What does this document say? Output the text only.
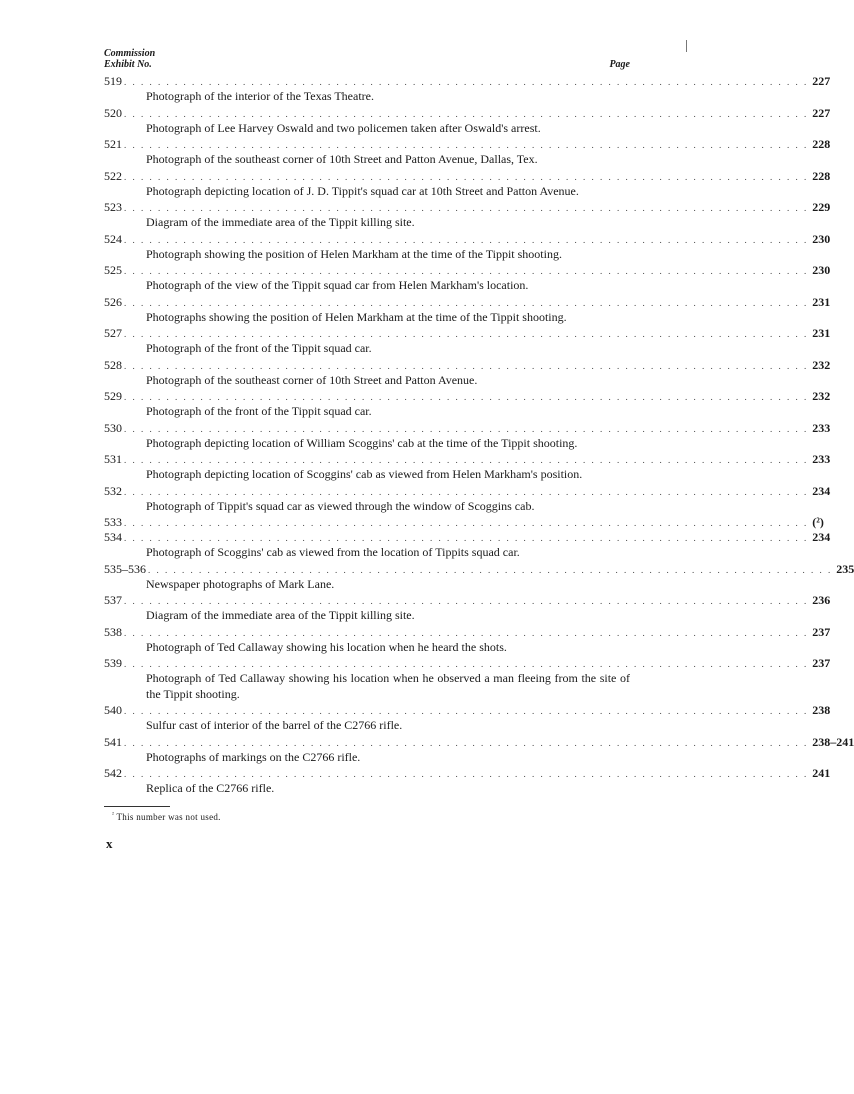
Commission
Exhibit No.	Page
519 . . . . . . . . . . . . . . . . . . . . . . . . . . . . . . . . . . . . . . . . . . . . . . . . . . . . . . . . . . . . . . . . . . . . . . . . . . . . . . . . . 227
Photograph of the interior of the Texas Theatre.
520 . . . . . . . . . . . . . . . . . . . . . . . . . . . . . . . . . . . . . . . . . . . . . . . . . . . . . . . . . . . . . . . . . . . . . . . . . . . . . . . . . 227
Photograph of Lee Harvey Oswald and two policemen taken after Oswald's arrest.
521 . . . . . . . . . . . . . . . . . . . . . . . . . . . . . . . . . . . . . . . . . . . . . . . . . . . . . . . . . . . . . . . . . . . . . . . . . . . . . . . . . 228
Photograph of the southeast corner of 10th Street and Patton Avenue, Dallas, Tex.
522 . . . . . . . . . . . . . . . . . . . . . . . . . . . . . . . . . . . . . . . . . . . . . . . . . . . . . . . . . . . . . . . . . . . . . . . . . . . . . . . . . 228
Photograph depicting location of J. D. Tippit's squad car at 10th Street and Patton Avenue.
523 . . . . . . . . . . . . . . . . . . . . . . . . . . . . . . . . . . . . . . . . . . . . . . . . . . . . . . . . . . . . . . . . . . . . . . . . . . . . . . . . . 229
Diagram of the immediate area of the Tippit killing site.
524 . . . . . . . . . . . . . . . . . . . . . . . . . . . . . . . . . . . . . . . . . . . . . . . . . . . . . . . . . . . . . . . . . . . . . . . . . . . . . . . . . 230
Photograph showing the position of Helen Markham at the time of the Tippit shooting.
525 . . . . . . . . . . . . . . . . . . . . . . . . . . . . . . . . . . . . . . . . . . . . . . . . . . . . . . . . . . . . . . . . . . . . . . . . . . . . . . . . . 230
Photograph of the view of the Tippit squad car from Helen Markham's location.
526 . . . . . . . . . . . . . . . . . . . . . . . . . . . . . . . . . . . . . . . . . . . . . . . . . . . . . . . . . . . . . . . . . . . . . . . . . . . . . . . . . 231
Photographs showing the position of Helen Markham at the time of the Tippit shooting.
527 . . . . . . . . . . . . . . . . . . . . . . . . . . . . . . . . . . . . . . . . . . . . . . . . . . . . . . . . . . . . . . . . . . . . . . . . . . . . . . . . . 231
Photograph of the front of the Tippit squad car.
528 . . . . . . . . . . . . . . . . . . . . . . . . . . . . . . . . . . . . . . . . . . . . . . . . . . . . . . . . . . . . . . . . . . . . . . . . . . . . . . . . . 232
Photograph of the southeast corner of 10th Street and Patton Avenue.
529 . . . . . . . . . . . . . . . . . . . . . . . . . . . . . . . . . . . . . . . . . . . . . . . . . . . . . . . . . . . . . . . . . . . . . . . . . . . . . . . . . 232
Photograph of the front of the Tippit squad car.
530 . . . . . . . . . . . . . . . . . . . . . . . . . . . . . . . . . . . . . . . . . . . . . . . . . . . . . . . . . . . . . . . . . . . . . . . . . . . . . . . . . 233
Photograph depicting location of William Scoggins' cab at the time of the Tippit shooting.
531 . . . . . . . . . . . . . . . . . . . . . . . . . . . . . . . . . . . . . . . . . . . . . . . . . . . . . . . . . . . . . . . . . . . . . . . . . . . . . . . . . 233
Photograph depicting location of Scoggins' cab as viewed from Helen Markham's position.
532 . . . . . . . . . . . . . . . . . . . . . . . . . . . . . . . . . . . . . . . . . . . . . . . . . . . . . . . . . . . . . . . . . . . . . . . . . . . . . . . . . 234
Photograph of Tippit's squad car as viewed through the window of Scoggins cab.
533 . . . . . . . . . . . . . . . . . . . . . . . . . . . . . . . . . . . . . . . . . . . . . . . . . . . . . . . . . . . . . . . . . . . . . . . . . . . . . . . . . (²)
534 . . . . . . . . . . . . . . . . . . . . . . . . . . . . . . . . . . . . . . . . . . . . . . . . . . . . . . . . . . . . . . . . . . . . . . . . . . . . . . . . . 234
Photograph of Scoggins' cab as viewed from the location of Tippits squad car.
535–536 . . . . . . . . . . . . . . . . . . . . . . . . . . . . . . . . . . . . . . . . . . . . . . . . . . . . . . . . . . . . . . . . . . . . . . . . . . . . . . . . . 235
Newspaper photographs of Mark Lane.
537 . . . . . . . . . . . . . . . . . . . . . . . . . . . . . . . . . . . . . . . . . . . . . . . . . . . . . . . . . . . . . . . . . . . . . . . . . . . . . . . . . 236
Diagram of the immediate area of the Tippit killing site.
538 . . . . . . . . . . . . . . . . . . . . . . . . . . . . . . . . . . . . . . . . . . . . . . . . . . . . . . . . . . . . . . . . . . . . . . . . . . . . . . . . . 237
Photograph of Ted Callaway showing his location when he heard the shots.
539 . . . . . . . . . . . . . . . . . . . . . . . . . . . . . . . . . . . . . . . . . . . . . . . . . . . . . . . . . . . . . . . . . . . . . . . . . . . . . . . . . 237
Photograph of Ted Callaway showing his location when he observed a man fleeing from the site of the Tippit shooting.
540 . . . . . . . . . . . . . . . . . . . . . . . . . . . . . . . . . . . . . . . . . . . . . . . . . . . . . . . . . . . . . . . . . . . . . . . . . . . . . . . . . 238
Sulfur cast of interior of the barrel of the C2766 rifle.
541 . . . . . . . . . . . . . . . . . . . . . . . . . . . . . . . . . . . . . . . . . . . . . . . . . . . . . . . . . . . . . . . . . . . . . . . . . . . . . . . . . 238–241
Photographs of markings on the C2766 rifle.
542 . . . . . . . . . . . . . . . . . . . . . . . . . . . . . . . . . . . . . . . . . . . . . . . . . . . . . . . . . . . . . . . . . . . . . . . . . . . . . . . . . 241
Replica of the C2766 rifle.
$^{^2}$ This number was not used.
x
